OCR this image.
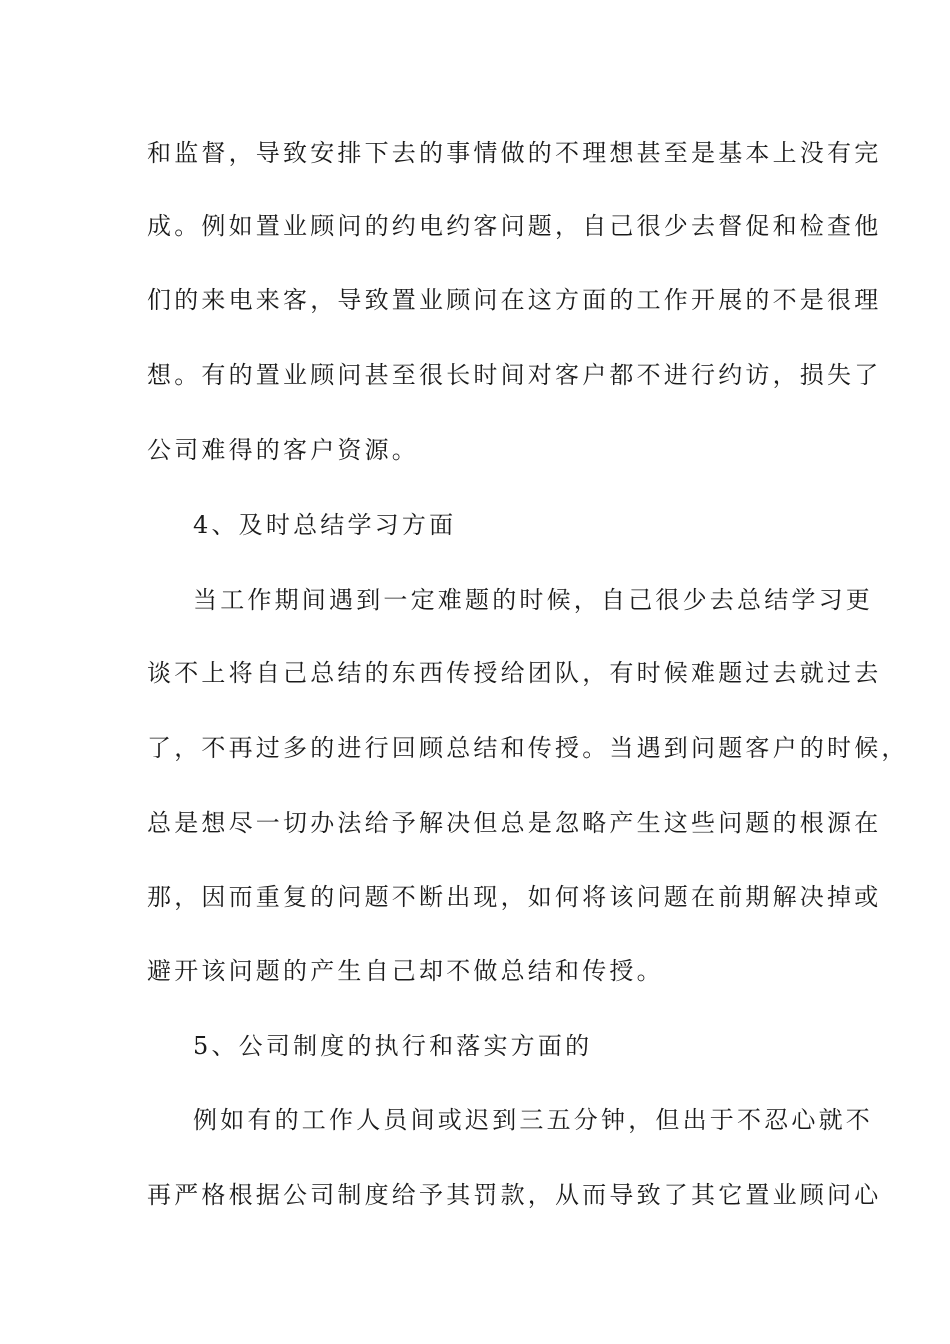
和监督，导致安排下去的事情做的不理想甚至是基本上没有完
成。例如置业顾问的约电约客问题，自己很少去督促和检查他
们的来电来客，导致置业顾问在这方面的工作开展的不是很理
想。有的置业顾问甚至很长时间对客户都不进行约访，损失了
公司难得的客户资源。
4、及时总结学习方面
当工作期间遇到一定难题的时候，自己很少去总结学习更
谈不上将自己总结的东西传授给团队，有时候难题过去就过去
了，不再过多的进行回顾总结和传授。当遇到问题客户的时候，
总是想尽一切办法给予解决但总是忽略产生这些问题的根源在
那，因而重复的问题不断出现，如何将该问题在前期解决掉或
避开该问题的产生自己却不做总结和传授。
5、公司制度的执行和落实方面的
例如有的工作人员间或迟到三五分钟，但出于不忍心就不
再严格根据公司制度给予其罚款，从而导致了其它置业顾问心
